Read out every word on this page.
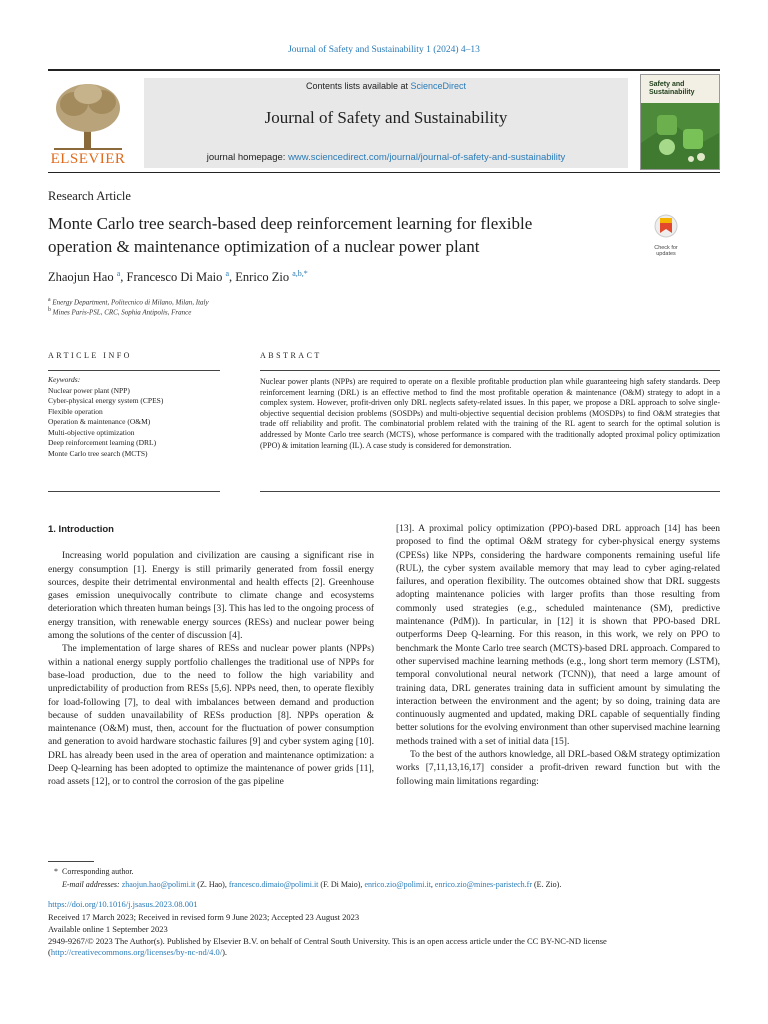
Journal of Safety and Sustainability 1 (2024) 4–13
ELSEVIER
Contents lists available at ScienceDirect
Journal of Safety and Sustainability
journal homepage: www.sciencedirect.com/journal/journal-of-safety-and-sustainability
Safety and
Sustainability
Research Article
Monte Carlo tree search-based deep reinforcement learning for flexible
operation & maintenance optimization of a nuclear power plant	Check for
updates
Zhaojun Hao $^a$, Francesco Di Maio $^a$, Enrico Zio $^{a,b,*}$
$^a$ Energy Department, Politecnico di Milano, Milan, Italy
$^b$ Mines Paris-PSL, CRC, Sophia Antipolis, France
ARTICLE INFO	ABSTRACT
Keywords:
Nuclear power plant (NPP)
Cyber-physical energy system (CPES)
Flexible operation
Operation & maintenance (O&M)
Multi-objective optimization
Deep reinforcement learning (DRL)
Monte Carlo tree search (MCTS)
Nuclear power plants (NPPs) are required to operate on a flexible profitable production plan while guaranteeing high safety standards. Deep reinforcement learning (DRL) is an effective method to find the most profitable operation & maintenance (O&M) strategy to adopt in a complex system. However, profit-driven only DRL neglects safety-related issues. In this paper, we propose a DRL approach to solve single-objective sequential decision problems (SOSDPs) and multi-objective sequential decision problems (MOSDPs) to find O&M strategies that trade off reliability and profit. The combinatorial problem related with the training of the RL agent to search for the optimal solution is addressed by Monte Carlo tree search (MCTS), whose performance is compared with the traditionally adopted proximal policy optimization (PPO) & imitation learning (IL). A case study is considered for demonstration.
1. Introduction

Increasing world population and civilization are causing a significant rise in energy consumption [1]. Energy is still primarily generated from fossil energy sources, despite their detrimental environmental and health effects [2]. Greenhouse gases emission unequivocally contribute to climate change and ecosystems deterioration which threaten human beings [3]. This has led to the ongoing process of energy transition, with renewable energy sources (RESs) and nuclear power being among the solutions of the center of discussion [4].

The implementation of large shares of RESs and nuclear power plants (NPPs) within a national energy supply portfolio challenges the traditional use of NPPs for base-load production, due to the need to follow the high variability and unpredictability of production from RESs [5,6]. NPPs need, then, to operate flexibly for load-following [7], to deal with imbalances between demand and production because of sudden unavailability of RESs production [8]. NPPs operation & maintenance (O&M) must, then, account for the fluctuation of power consumption and generation to avoid hardware stochastic failures [9] and cyber system aging [10]. DRL has already been used in the area of operation and maintenance optimization: a Deep Q-learning has been adopted to optimize the maintenance of power grids [11], road assets [12], or to control the corrosion of the gas pipeline

[13]. A proximal policy optimization (PPO)-based DRL approach [14] has been proposed to find the optimal O&M strategy for cyber-physical energy systems (CPESs) like NPPs, considering the hardware components remaining useful life (RUL), the cyber system available memory that may lead to cyber aging-related failures, and operation flexibility. The outcomes obtained show that DRL suggests adopting maintenance policies with larger profits than those resulting from commonly used strategies (e.g., scheduled maintenance (SM), predictive maintenance (PdM)). In particular, in [12] it is shown that PPO-based DRL outperforms Deep Q-learning. For this reason, in this work, we rely on PPO to benchmark the Monte Carlo tree search (MCTS)-based DRL approach. Compared to other supervised machine learning methods (e.g., long short term memory (LSTM), temporal convolutional neural network (TCNN)), that need a large amount of training data, DRL generates training data in sufficient amount by simulating the interaction between the environment and the agent; by so doing, training data are continuously augmented and updated, making DRL capable of sequentially finding better solutions for the evolving environment than other supervised machine learning methods trained with a set of initial data [15].

To the best of the authors knowledge, all DRL-based O&M strategy optimization works [7,11,13,16,17] consider a profit-driven reward function but with the following main limitations regarding:

* Corresponding author.
E-mail addresses: zhaojun.hao@polimi.it (Z. Hao), francesco.dimaio@polimi.it (F. Di Maio), enrico.zio@polimi.it, enrico.zio@mines-paristech.fr (E. Zio).
https://doi.org/10.1016/j.jsasus.2023.08.001
Received 17 March 2023; Received in revised form 9 June 2023; Accepted 23 August 2023
Available online 1 September 2023
2949-9267/© 2023 The Author(s). Published by Elsevier B.V. on behalf of Central South University. This is an open access article under the CC BY-NC-ND license
(http://creativecommons.org/licenses/by-nc-nd/4.0/).
